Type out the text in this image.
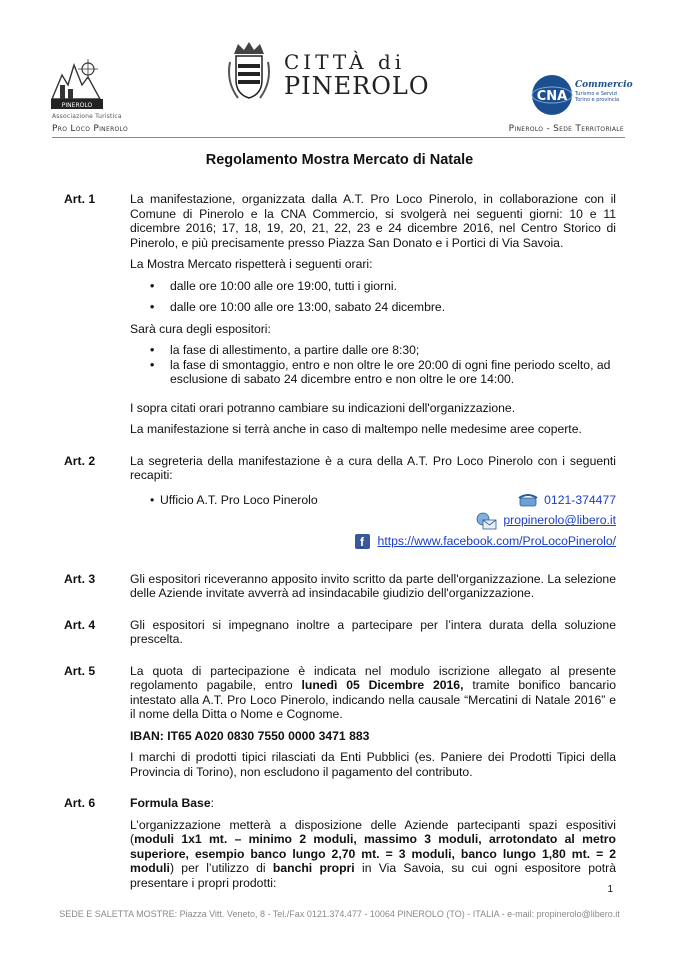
PINEROLO
Associazione Turistica
Pro Loco Pinerolo
CITTÀ di
PINEROLO	CNA
Commercio
Turismo e Servizi
Torino e provincia
Pinerolo - Sede Territoriale
Regolamento Mostra Mercato di Natale
Art. 1	La manifestazione, organizzata dalla A.T. Pro Loco Pinerolo, in collaborazione con il Comune di Pinerolo e la CNA Commercio, si svolgerà nei seguenti giorni: 10 e 11 dicembre 2016; 17, 18, 19, 20, 21, 22, 23 e 24 dicembre 2016, nel Centro Storico di Pinerolo, e più precisamente presso Piazza San Donato e i Portici di Via Savoia.

La Mostra Mercato rispetterà i seguenti orari:

• dalle ore 10:00 alle ore 19:00, tutti i giorni.
• dalle ore 10:00 alle ore 13:00, sabato 24 dicembre.

Sarà cura degli espositori:

• la fase di allestimento, a partire dalle ore 8:30;
• la fase di smontaggio, entro e non oltre le ore 20:00 di ogni fine periodo scelto, ad esclusione di sabato 24 dicembre entro e non oltre le ore 14:00.

I sopra citati orari potranno cambiare su indicazioni dell'organizzazione.

La manifestazione si terrà anche in caso di maltempo nelle medesime aree coperte.

Art. 2	La segreteria della manifestazione è a cura della A.T. Pro Loco Pinerolo con i seguenti recapiti:

• Ufficio A.T. Pro Loco Pinerolo	0121-374477
propinerolo@libero.it
f	https://www.facebook.com/ProLocoPinerolo/
Art. 3	Gli espositori riceveranno apposito invito scritto da parte dell'organizzazione. La selezione delle Aziende invitate avverrà ad insindacabile giudizio dell'organizzazione.

Art. 4	Gli espositori si impegnano inoltre a partecipare per l’intera durata della soluzione prescelta.

Art. 5	La quota di partecipazione è indicata nel modulo iscrizione allegato al presente regolamento pagabile, entro lunedì 05 Dicembre 2016, tramite bonifico bancario intestato alla A.T. Pro Loco Pinerolo, indicando nella causale “Mercatini di Natale 2016” e il nome della Ditta o Nome e Cognome.

IBAN: IT65 A020 0830 7550 0000 3471 883

I marchi di prodotti tipici rilasciati da Enti Pubblici (es. Paniere dei Prodotti Tipici della Provincia di Torino), non escludono il pagamento del contributo.

Art. 6	Formula Base:

L’organizzazione metterà a disposizione delle Aziende partecipanti spazi espositivi (moduli 1x1 mt. – minimo 2 moduli, massimo 3 moduli, arrotondato al metro superiore, esempio banco lungo 2,70 mt. = 3 moduli, banco lungo 1,80 mt. = 2 moduli) per l’utilizzo di banchi propri in Via Savoia, su cui ogni espositore potrà presentare i propri prodotti:	1
SEDE E SALETTA MOSTRE: Piazza Vitt. Veneto, 8 - Tel./Fax 0121.374.477 - 10064 PINEROLO (TO) - ITALIA - e-mail: propinerolo@libero.it
